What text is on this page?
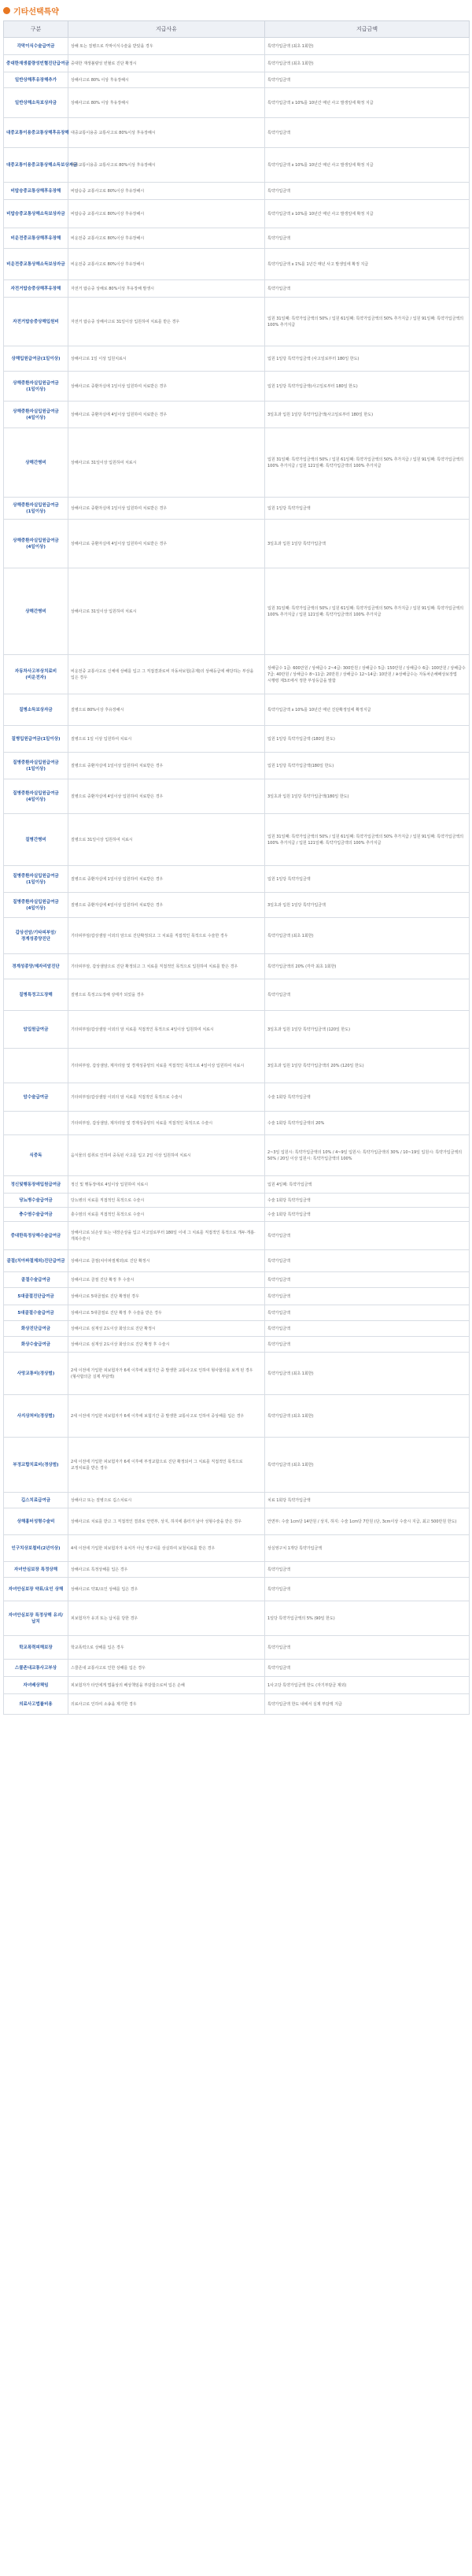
기타선택특약
구분	지급사유	지급금액
각막이식수술급여금	상해 또는 질병으로 각막이식수술을 받았을 경우	특약가입금액 (최초 1회한)
중대한재생불량성빈혈진단급여금	중대한 재생불량성 빈혈로 진단 확정시	특약가입금액 (최초 1회한)
일반상해후유장해추가	상해사고로 80% 이상 후유장해시	특약가입금액
일반상해소득보상자금	상해사고로 80% 이상 후유장해시	특약가입금액 x 10%를 10년간 매년 사고 발생일에 확정 지급
대중교통이용중교통상해후유장해	대중교통이용중 교통사고로 80%이상 후유장해시	특약가입금액
대중교통이용중교통상해소득보상자금	대중교통이용중 교통사고로 80%이상 후유장해시	특약가입금액 x 10%를 10년간 매년 사고 발생일에 확정 지급
비탑승중교통상해후유장해	비탑승중 교통사고로 80%이상 후유장해시	특약가입금액
비탑승중교통상해소득보상자금	비탑승중 교통사고로 80%이상 후유장해시	특약가입금액 x 10%를 10년간 매년 사고 발생일에 확정 지급
비운전중교통상해후유장해	비운전중 교통사고로 80%이상 후유장해시	특약가입금액
비운전중교통상해소득보상자금	비운전중 교통사고로 80%이상 후유장해시	특약가입금액 x 1%를 1년간 매년 사고 발생일에 확정 지급
자전거탑승중상해후유장해	자전거 탑승중 상해로 80%이상 후유장해 발생시	특약가입금액
자전거탑승중상해입원비	자전거 탑승중 상해사고로 31일이상 입원하여 치료를 받은 경우	입원 31일째: 특약가입금액의 50% / 입원 61일째: 특약가입금액의 50% 추가지급 / 입원 91일째: 특약가입금액의 100% 추가지급
상해입원급여금(1일이상)	상해사고로 1일 이상 입원치료시	입원 1일당 특약가입금액 (사고일로부터 180일 한도)
상해중환자실입원급여금(1일이상)	상해사고로 중환자실에 1일이상 입원하여 치료받은 경우	입원 1일당 특약가입금액(사고일로부터 180일 한도)
상해중환자실입원급여금(4일이상)	상해사고로 중환자실에 4일이상 입원하여 치료받은 경우	3일초과 입원 1일당 특약가입금액(사고일로부터 180일 한도)
상해간병비	상해사고로 31일이상 입원하여 치료시	입원 31일째: 특약가입금액의 50% / 입원 61일째: 특약가입금액의 50% 추가지급 / 입원 91일째: 특약가입금액의 100% 추가지급 / 입원 121일째: 특약가입금액의 100% 추가지급
상해중환자실입원급여금(1일이상)	상해사고로 중환자실에 1일이상 입원하여 치료받은 경우	입원 1일당 특약가입금액
상해중환자실입원급여금(4일이상)	상해사고로 중환자실에 4일이상 입원하여 치료받은 경우	3일초과 입원 1일당 특약가입금액
상해간병비	상해사고로 31일이상 입원하여 치료시	입원 31일째: 특약가입금액의 50% / 입원 61일째: 특약가입금액의 50% 추가지급 / 입원 91일째: 특약가입금액의 100% 추가지급 / 입원 121일째: 특약가입금액의 100% 추가지급
자동차사고부상치료비(비운전자)	비운전중 교통사고로 신체에 상해를 입고 그 직접결과로써 자동차보험(공제)의 상해등급에 해당하는 부상을 입은 경우	상해급수 1급: 600만원 / 상해급수 2~4급: 300만원 / 상해급수 5급: 150만원 / 상해급수 6급: 100만원 / 상해급수 7급: 40만원 / 상해급수 8~11급: 20만원 / 상해급수 12~14급: 10만원 / ※상해급수는 자동차손해배상보장법 시행령 제3조에서 정한 부상등급을 말함
질병소득보상자금	질병으로 80%이상 후유장해시	특약가입금액 x 10%를 10년간 매년 진단확정일에 확정지급
질병입원급여금(1일이상)	질병으로 1일 이상 입원하여 치료시	입원 1일당 특약가입금액 (180일 한도)
질병중환자실입원급여금(1일이상)	질병으로 중환자실에 1일이상 입원하여 치료받은 경우	입원 1일당 특약가입금액(180일 한도)
질병중환자실입원급여금(4일이상)	질병으로 중환자실에 4일이상 입원하여 치료받은 경우	3일초과 입원 1일당 특약가입금액(180일 한도)
질병간병비	질병으로 31일이상 입원하여 치료시	입원 31일째: 특약가입금액의 50% / 입원 61일째: 특약가입금액의 50% 추가지급 / 입원 91일째: 특약가입금액의 100% 추가지급 / 입원 121일째: 특약가입금액의 100% 추가지급
질병중환자실입원급여금(1일이상)	질병으로 중환자실에 1일이상 입원하여 치료받은 경우	입원 1일당 특약가입금액
질병중환자실입원급여금(4일이상)	질병으로 중환자실에 4일이상 입원하여 치료받은 경우	3일초과 입원 1일당 특약가입금액
갑상선암/기타피부암/경계성종양진단	기타피부암/갑상샘암 이외의 암으로 진단확정되고 그 치료를 직접적인 목적으로 수술한 경우	특약가입금액 (최초 1회한)
경계성종양/제자리암진단	기타피부암, 갑상샘암으로 진단 확정되고 그 치료를 직접적인 목적으로 입원하여 치료를 받은 경우	특약가입금액의 20% (각각 최초 1회한)
질병특정고도장해	질병으로 특정고도장해 상태가 되었을 경우	특약가입금액
암입원급여금	기타피부암/갑상샘암 이외의 암 치료를 직접적인 목적으로 4일이상 입원하여 치료시	3일초과 입원 1일당 특약가입금액 (120일 한도)
	기타피부암, 갑상샘암, 제자리암 및 경계성종양의 치료를 직접적인 목적으로 4일이상 입원하여 치료시	3일초과 입원 1일당 특약가입금액의 20% (120일 한도)
암수술급여금	기타피부암/갑상샘암 이외의 암 치료를 직접적인 목적으로 수술시	수술 1회당 특약가입금액
	기타피부암, 갑상샘암, 제자리암 및 경계성종양의 치료를 직접적인 목적으로 수술시	수술 1회당 특약가입금액의 20%
식중독	음식물의 섭취로 인하여 중독된 사고를 입고 2일 이상 입원하여 치료시	2~3일 입원시: 특약가입금액의 10% / 4~9일 입원시: 특약가입금액의 30% / 10~19일 입원시: 특약가입금액의 50% / 20일 이상 입원시: 특약가입금액의 100%
정신및행동장애입원급여금	정신 및 행동장애로 4일이상 입원하여 치료시	입원 4일째: 특약가입금액
당뇨병수술급여금	당뇨병의 치료를 직접적인 목적으로 수술시	수술 1회당 특약가입금액
충수염수술급여금	충수염의 치료를 직접적인 목적으로 수술시	수술 1회당 특약가입금액
중대한특정상해수술급여금	상해사고로 뇌손상 또는 내장손상을 입고 사고일로부터 180일 이내 그 치료를 직접적인 목적으로 개두·개흉·개복수술시	특약가입금액
골절(치아파절제외)진단급여금	상해사고로 골절(치아파절제외)로 진단 확정시	특약가입금액
골절수술급여금	상해사고로 골절 진단 확정 후 수술시	특약가입금액
5대골절진단급여금	상해사고로 5대골절로 진단 확정된 경우	특약가입금액
5대골절수술급여금	상해사고로 5대골절로 진단 확정 후 수술을 받은 경우	특약가입금액
화상진단급여금	상해사고로 심재성 2도이상 화상으로 진단 확정시	특약가입금액
화상수술급여금	상해사고로 심재성 2도이상 화상으로 진단 확정 후 수술시	특약가입금액
사망교통비(경상범)	2세 이전에 가입한 피보험자가 6세 이후에 보험기간 중 발생한 교통사고로 인하여 형사합의를 보게 된 경우(형사합의금 실제 부담액)	특약가입금액 (최초 1회한)
사지상처비(경상범)	2세 이전에 가입한 피보험자가 6세 이후에 보험기간 중 발생한 교통사고로 인하여 중상해를 입은 경우	특약가입금액 (최초 1회한)
부정교합치료비(경상범)	2세 이전에 가입한 피보험자가 6세 이후에 부정교합으로 진단 확정되어 그 치료를 직접적인 목적으로 교정치료를 받은 경우	특약가입금액 (최초 1회한)
깁스치료급여금	상해사고 또는 질병으로 깁스치료시	치료 1회당 특약가입금액
상해흉터성형수술비	상해사고로 치료를 받고 그 직접적인 결과로 안면부, 상지, 하지에 흉터가 남아 성형수술을 받은 경우	안면부: 수술 1cm당 14만원 / 상지, 하지: 수술 1cm당 7만원 (단, 3cm이상 수술시 지급, 최고 500만원 한도)
인구치상보철비(2년이상)	4세 이전에 가입한 피보험자가 유치가 아닌 영구치를 상실하여 보철치료를 받은 경우	상실영구치 1개당 특약가입금액
자녀안심보장 특정상해	상해사고로 특정상해를 입은 경우	특약가입금액
자녀안심보장 약표/요인 상해	상해사고로 약표/요인 상해를 입은 경우	특약가입금액
자녀안심보장 특정상해 유괴/납치	피보험자가 유괴 또는 납치를 당한 경우	1일당 특약가입금액의 5% (90일 한도)
학교폭력피해보장	학교폭력으로 상해를 입은 경우	특약가입금액
스쿨존내교통사고부상	스쿨존내 교통사고로 인한 상해를 입은 경우	특약가입금액
자녀배상책임	피보험자가 타인에게 법률상의 배상책임을 부담함으로써 입은 손해	1사고당 특약가입금액 한도 (자기부담금 제외)
의료사고법률비용	의료사고로 인하여 소송을 제기한 경우	특약가입금액 한도 내에서 실제 부담액 지급
